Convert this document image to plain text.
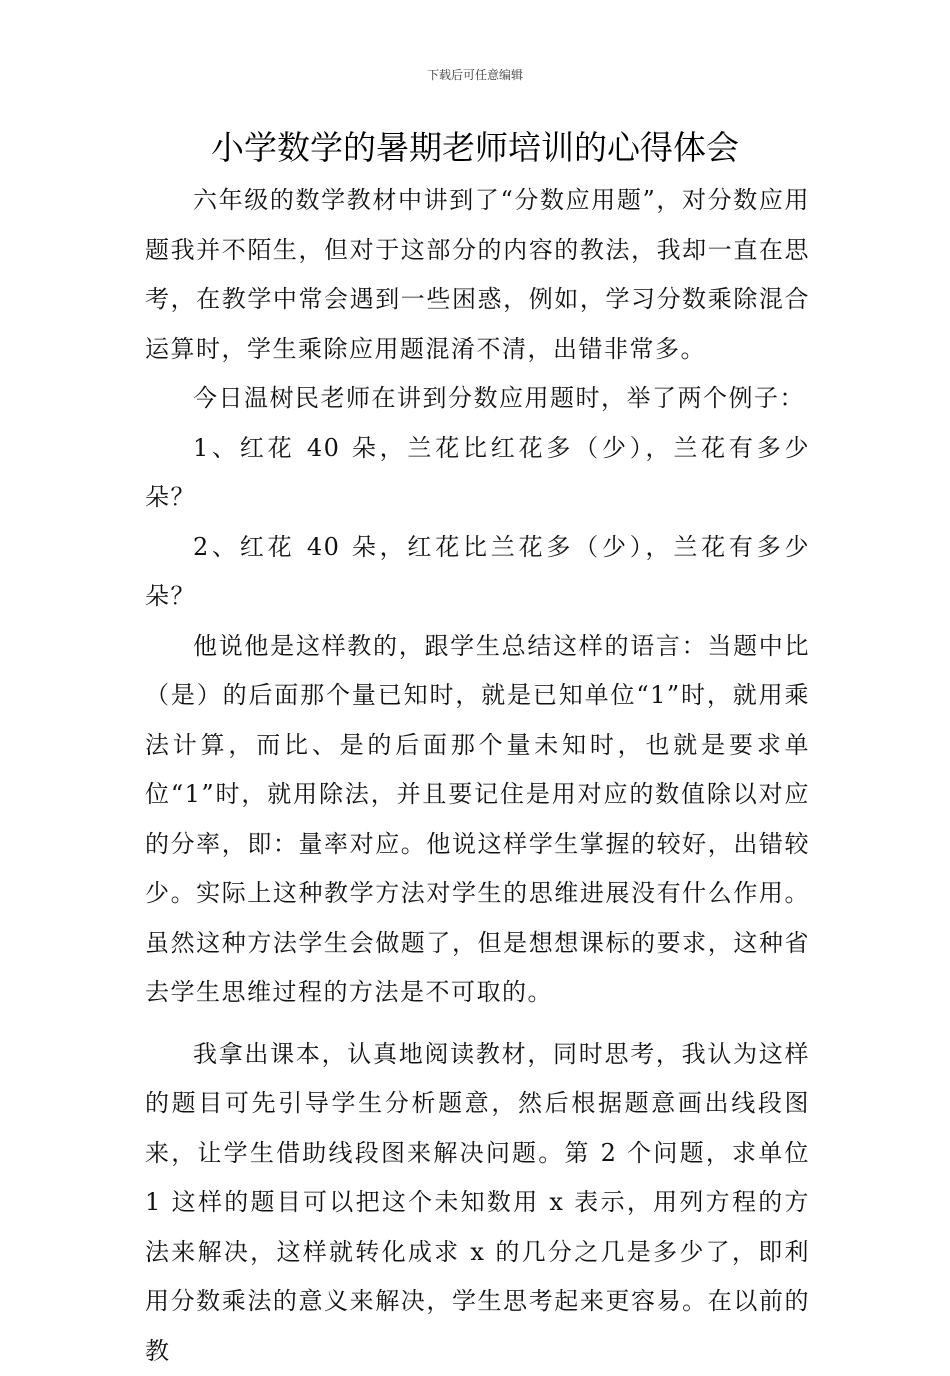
下载后可任意编辑
小学数学的暑期老师培训的心得体会

六年级的数学教材中讲到了“分数应用题”，对分数应用题我并不陌生，但对于这部分的内容的教法，我却一直在思考，在教学中常会遇到一些困惑，例如，学习分数乘除混合运算时，学生乘除应用题混淆不清，出错非常多。

今日温树民老师在讲到分数应用题时，举了两个例子：

1、红花 40 朵，兰花比红花多（少），兰花有多少朵？

2、红花 40 朵，红花比兰花多（少），兰花有多少朵？

他说他是这样教的，跟学生总结这样的语言：当题中比（是）的后面那个量已知时，就是已知单位“1”时，就用乘法计算，而比、是的后面那个量未知时，也就是要求单位“1”时，就用除法，并且要记住是用对应的数值除以对应的分率，即：量率对应。他说这样学生掌握的较好，出错较少。实际上这种教学方法对学生的思维进展没有什么作用。虽然这种方法学生会做题了，但是想想课标的要求，这种省去学生思维过程的方法是不可取的。

我拿出课本，认真地阅读教材，同时思考，我认为这样的题目可先引导学生分析题意，然后根据题意画出线段图来，让学生借助线段图来解决问题。第 2 个问题，求单位 1 这样的题目可以把这个未知数用 x 表示，用列方程的方法来解决，这样就转化成求 x 的几分之几是多少了，即利用分数乘法的意义来解决，学生思考起来更容易。在以前的教
